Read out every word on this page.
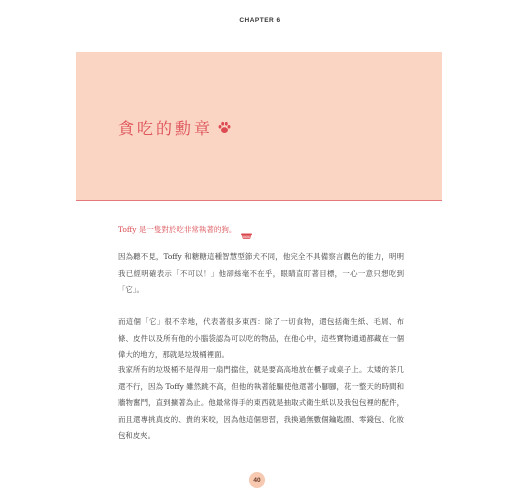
CHAPTER 6
貪吃的勳章
Toffy 是一隻對於吃非常執著的狗。
DOG

因為聽不見，Toffy 和糖糖這種智慧型節犬不同，他完全不具備察言觀色的能力，明明我已經明確表示「不可以！」他卻絲毫不在乎，眼睛直盯著目標，一心一意只想吃到「它」。

而這個「它」很不幸地，代表著很多東西：除了一切食物，還包括衛生紙、毛屑、布條、皮件以及所有他的小腦袋認為可以吃的物品，在他心中，這些寶物通通都藏在一個偉大的地方，那就是垃圾桶裡面。

我家所有的垃圾桶不是得用一扇門擋住，就是要高高地放在櫃子或桌子上。太矮的茶几還不行，因為 Toffy 雖然跳不高，但他的執著能驅使他還著小腳腳，花一整天的時間和牆物奮鬥，直到擴著為止。他最常得手的東西就是抽取式衛生紙以及我包包裡的配件，而且還專挑真皮的、貴的來咬，因為他這個惡習，我換過無數個鑰匙圈、零錢包、化妝包和皮夾。

40
